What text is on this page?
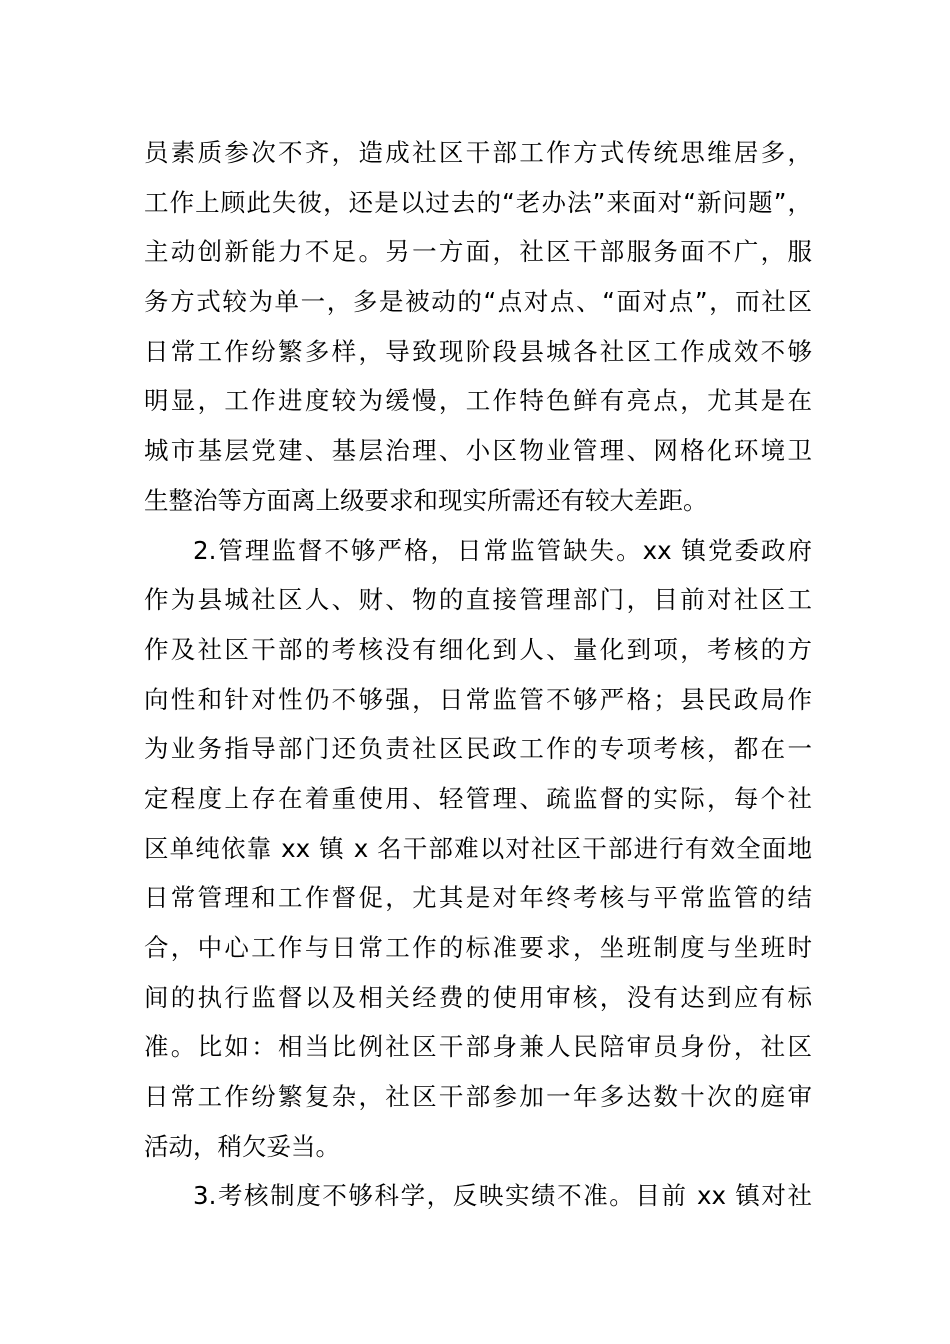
员素质参次不齐，造成社区干部工作方式传统思维居多，
工作上顾此失彼，还是以过去的“老办法”来面对“新问题”，
主动创新能力不足。另一方面，社区干部服务面不广，服
务方式较为单一，多是被动的“点对点、“面对点”，而社区
日常工作纷繁多样，导致现阶段县城各社区工作成效不够
明显，工作进度较为缓慢，工作特色鲜有亮点，尤其是在
城市基层党建、基层治理、小区物业管理、网格化环境卫
生整治等方面离上级要求和现实所需还有较大差距。
2.管理监督不够严格，日常监管缺失。xx 镇党委政府
作为县城社区人、财、物的直接管理部门，目前对社区工
作及社区干部的考核没有细化到人、量化到项，考核的方
向性和针对性仍不够强，日常监管不够严格；县民政局作
为业务指导部门还负责社区民政工作的专项考核，都在一
定程度上存在着重使用、轻管理、疏监督的实际，每个社
区单纯依靠 xx 镇 x 名干部难以对社区干部进行有效全面地
日常管理和工作督促，尤其是对年终考核与平常监管的结
合，中心工作与日常工作的标准要求，坐班制度与坐班时
间的执行监督以及相关经费的使用审核，没有达到应有标
准。比如：相当比例社区干部身兼人民陪审员身份，社区
日常工作纷繁复杂，社区干部参加一年多达数十次的庭审
活动，稍欠妥当。
3.考核制度不够科学，反映实绩不准。目前 xx 镇对社
